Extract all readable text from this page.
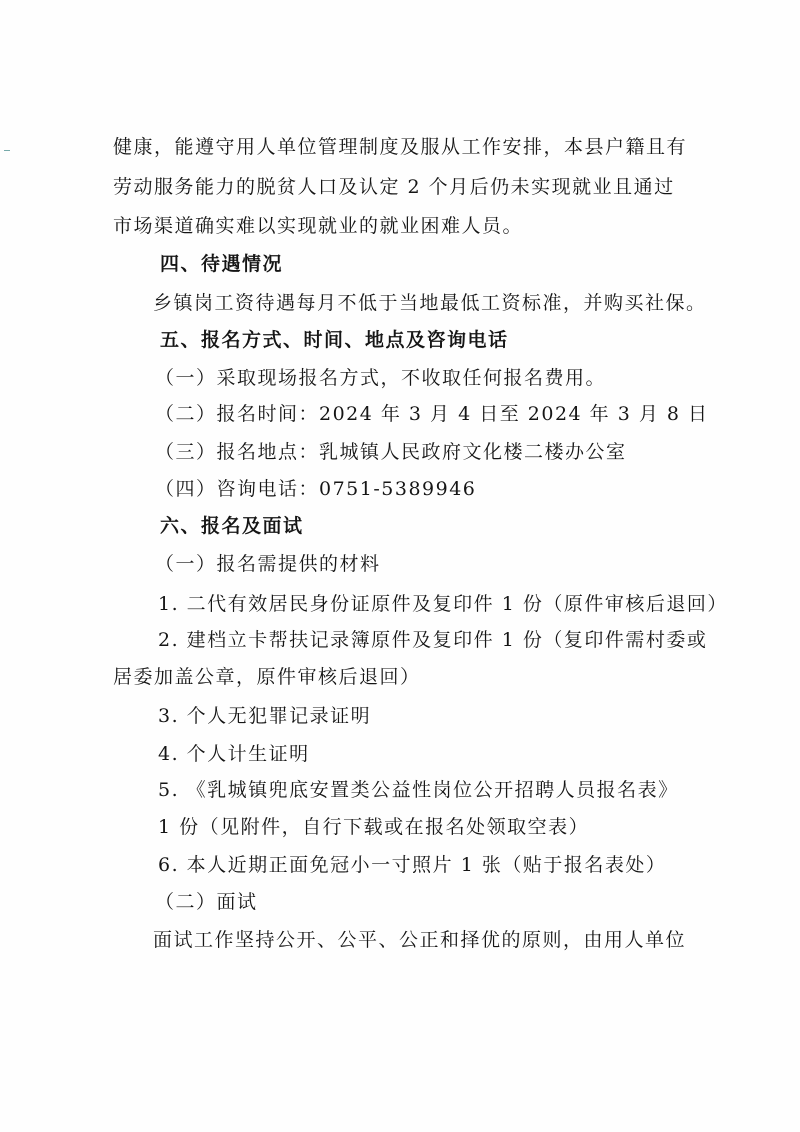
健康，能遵守用人单位管理制度及服从工作安排，本县户籍且有
劳动服务能力的脱贫人口及认定 2 个月后仍未实现就业且通过
市场渠道确实难以实现就业的就业困难人员。
四、待遇情况
乡镇岗工资待遇每月不低于当地最低工资标准，并购买社保。
五、报名方式、时间、地点及咨询电话
（一）采取现场报名方式，不收取任何报名费用。
（二）报名时间：2024 年 3 月 4 日至 2024 年 3 月 8 日
（三）报名地点：乳城镇人民政府文化楼二楼办公室
（四）咨询电话：0751-5389946
六、报名及面试
（一）报名需提供的材料
1. 二代有效居民身份证原件及复印件 1 份（原件审核后退回）
2. 建档立卡帮扶记录簿原件及复印件 1 份（复印件需村委或
居委加盖公章，原件审核后退回）
3. 个人无犯罪记录证明
4. 个人计生证明
5. 《乳城镇兜底安置类公益性岗位公开招聘人员报名表》
1 份（见附件，自行下载或在报名处领取空表）
6. 本人近期正面免冠小一寸照片 1 张（贴于报名表处）
（二）面试
面试工作坚持公开、公平、公正和择优的原则，由用人单位
